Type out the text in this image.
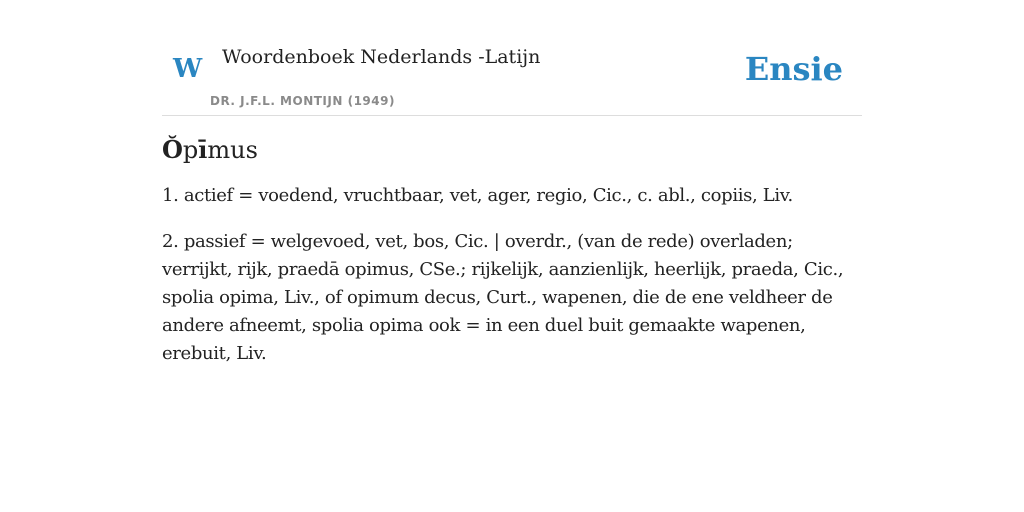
W Woordenboek Nederlands -Latijn
DR. J.F.L. MONTIJN (1949)
Ensie
Ŏpīmus

1. actief = voedend, vruchtbaar, vet, ager, regio, Cic., c. abl., copiis, Liv.

2. passief = welgevoed, vet, bos, Cic. | overdr., (van de rede) overladen; verrijkt, rijk, praedā opimus, CSe.; rijkelijk, aanzienlijk, heerlijk, praeda, Cic., spolia opima, Liv., of opimum decus, Curt., wapenen, die de ene veldheer de andere afneemt, spolia opima ook = in een duel buit gemaakte wapenen, erebuit, Liv.
